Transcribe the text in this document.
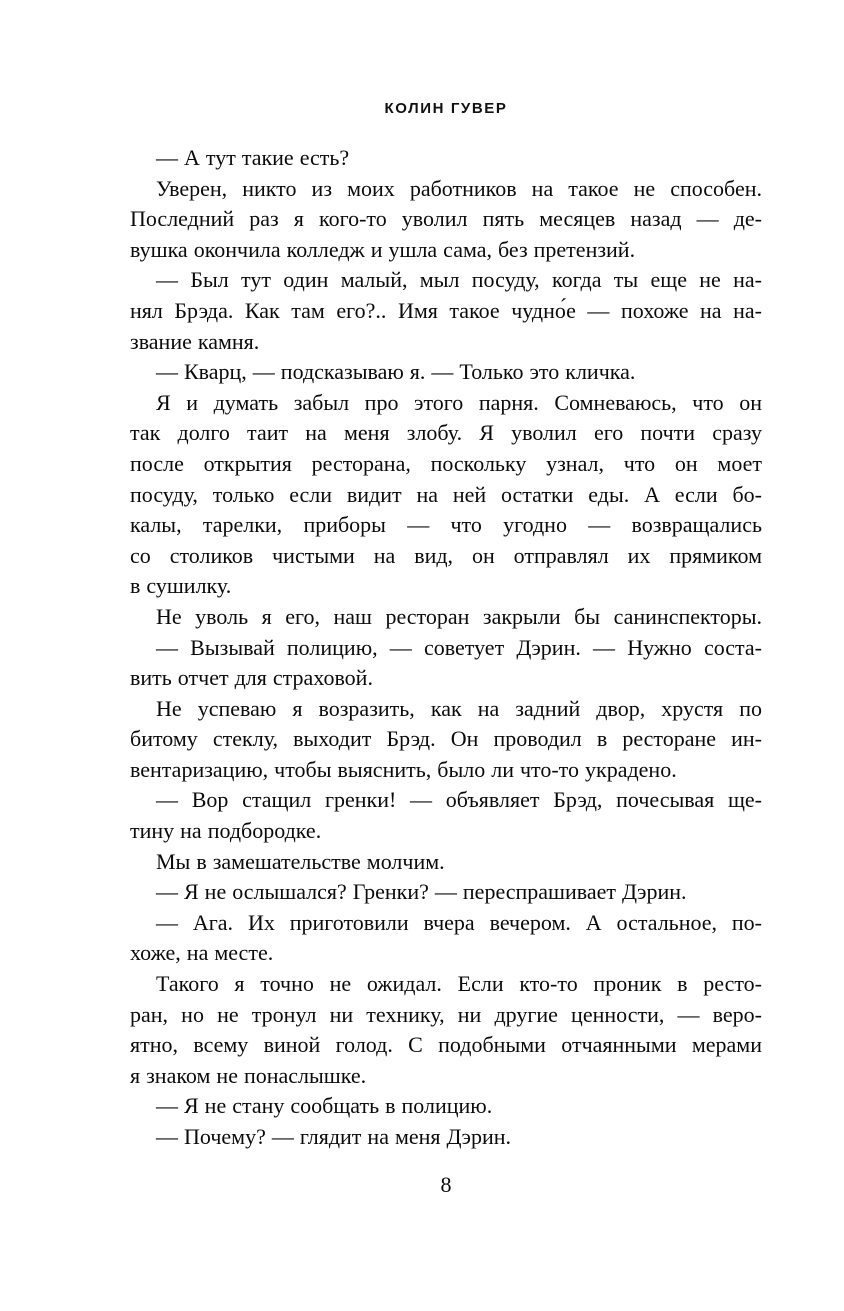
КОЛИН ГУВЕР
— А тут такие есть?
Уверен, никто из моих работников на такое не способен.
Последний раз я кого-то уволил пять месяцев назад — де-
вушка окончила колледж и ушла сама, без претензий.
— Был тут один малый, мыл посуду, когда ты еще не на-
нял Брэда. Как там его?.. Имя такое чудно́е — похоже на на-
звание камня.
— Кварц, — подсказываю я. — Только это кличка.
Я и думать забыл про этого парня. Сомневаюсь, что он
так долго таит на меня злобу. Я уволил его почти сразу
после открытия ресторана, поскольку узнал, что он моет
посуду, только если видит на ней остатки еды. А если бо-
калы, тарелки, приборы — что угодно — возвращались
со столиков чистыми на вид, он отправлял их прямиком
в сушилку.
Не уволь я его, наш ресторан закрыли бы санинспекторы.
— Вызывай полицию, — советует Дэрин. — Нужно соста-
вить отчет для страховой.
Не успеваю я возразить, как на задний двор, хрустя по
битому стеклу, выходит Брэд. Он проводил в ресторане ин-
вентаризацию, чтобы выяснить, было ли что-то украдено.
— Вор стащил гренки! — объявляет Брэд, почесывая ще-
тину на подбородке.
Мы в замешательстве молчим.
— Я не ослышался? Гренки? — переспрашивает Дэрин.
— Ага. Их приготовили вчера вечером. А остальное, по-
хоже, на месте.
Такого я точно не ожидал. Если кто-то проник в ресто-
ран, но не тронул ни технику, ни другие ценности, — веро-
ятно, всему виной голод. С подобными отчаянными мерами
я знаком не понаслышке.
— Я не стану сообщать в полицию.
— Почему? — глядит на меня Дэрин.
8
